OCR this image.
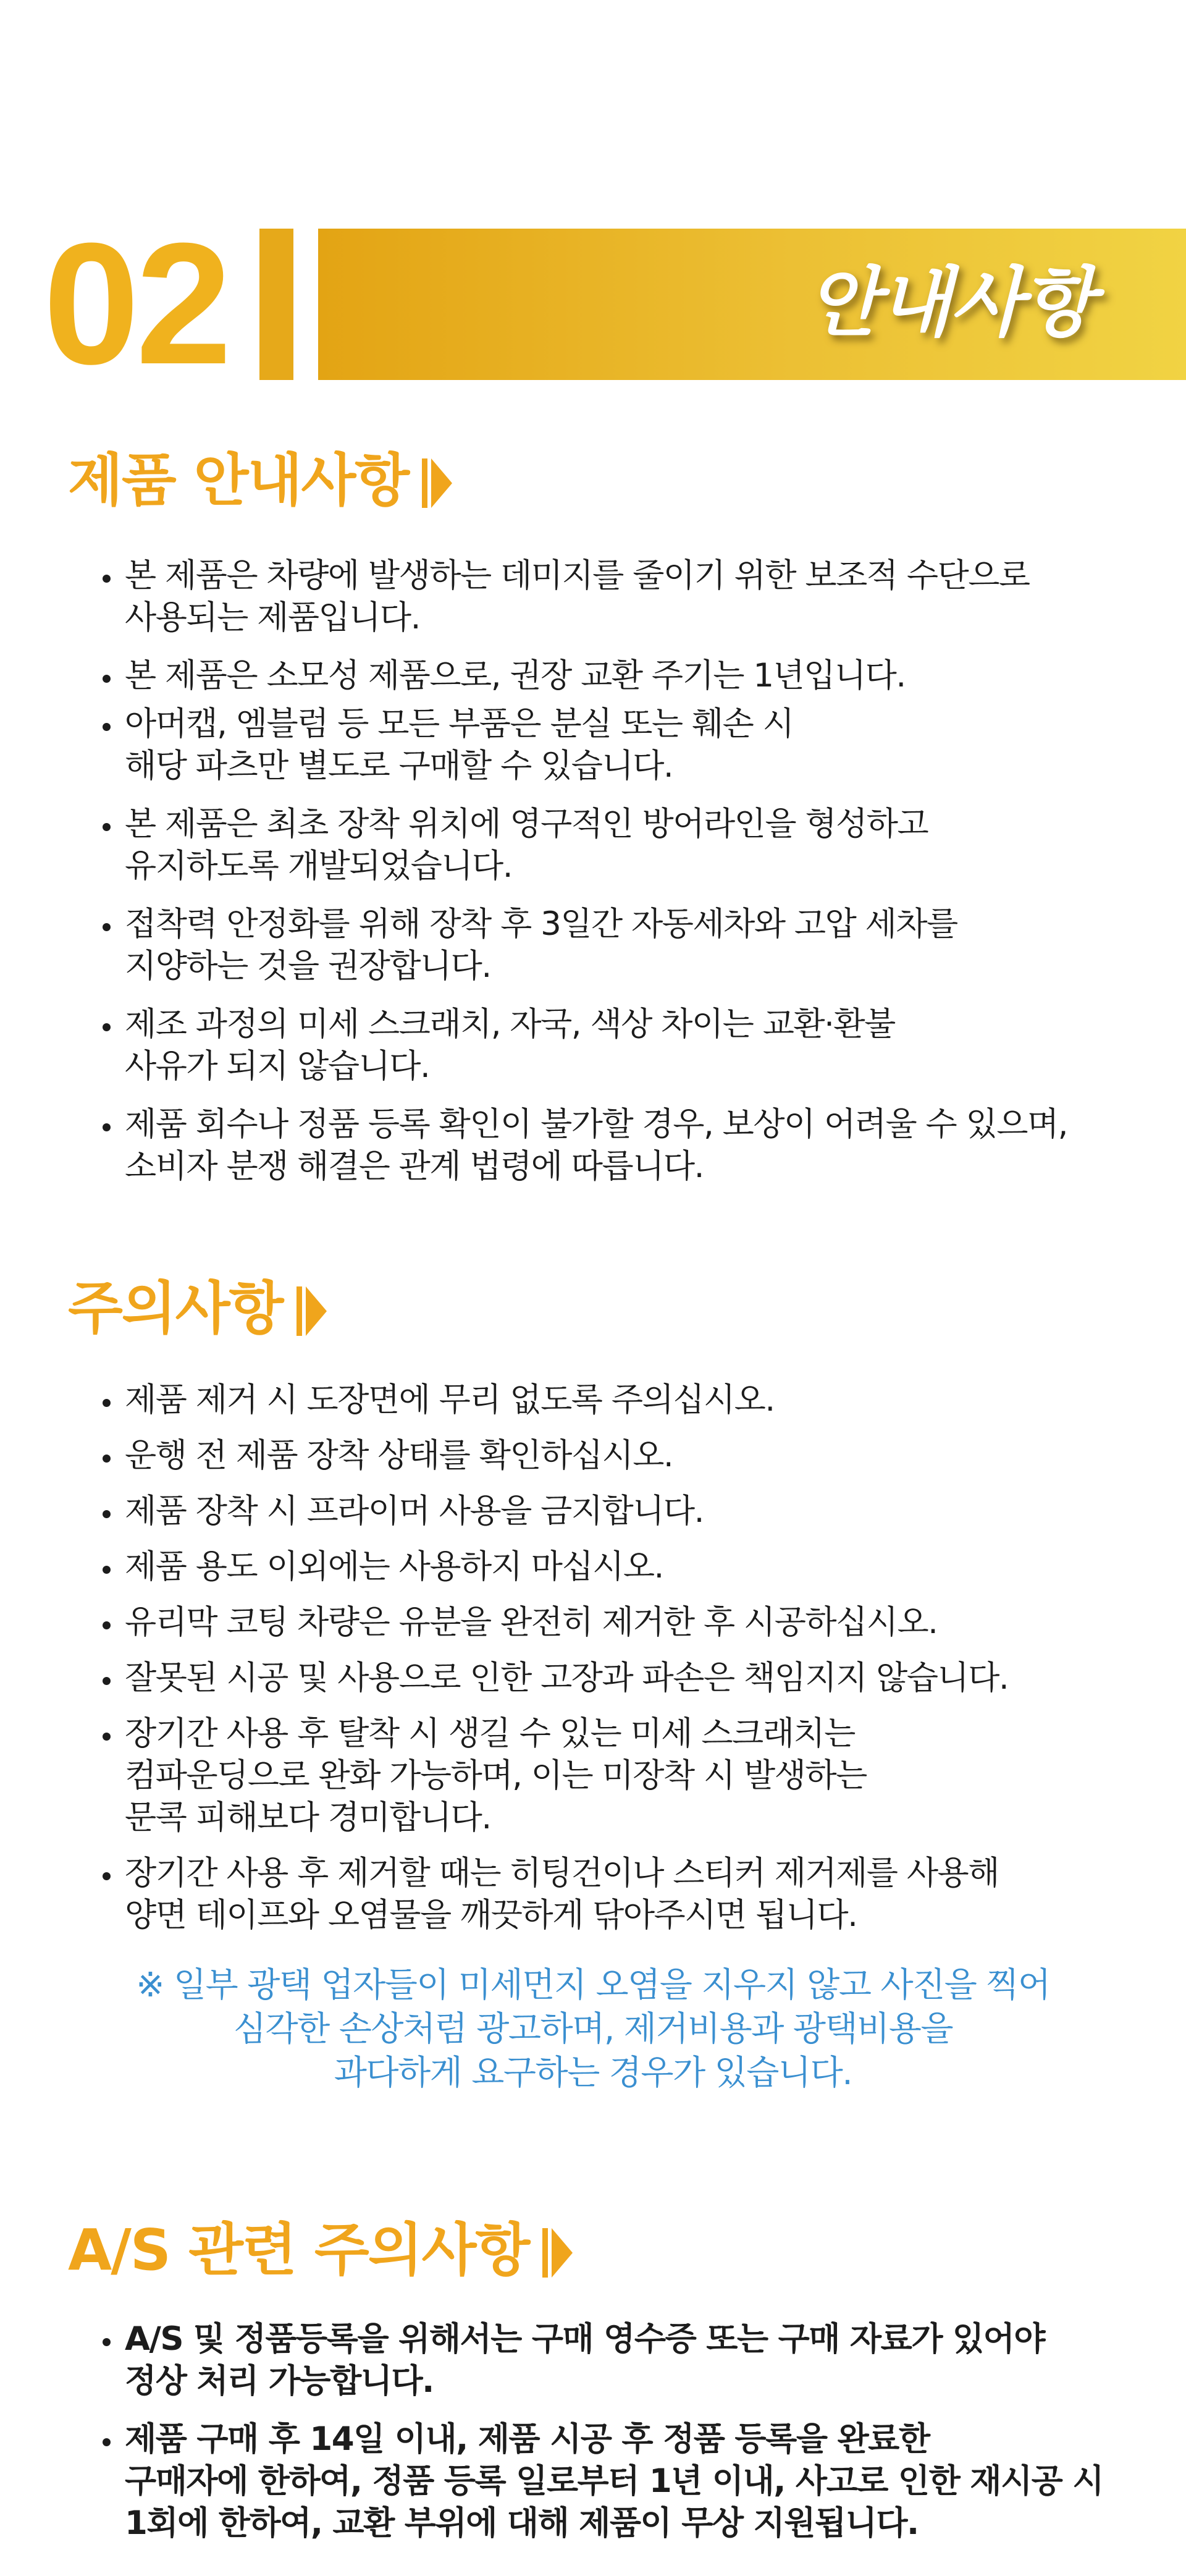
02	안내사항
제품 안내사항
본 제품은 차량에 발생하는 데미지를 줄이기 위한 보조적 수단으로
사용되는 제품입니다.
본 제품은 소모성 제품으로, 권장 교환 주기는 1년입니다.
아머캡, 엠블럼 등 모든 부품은 분실 또는 훼손 시
해당 파츠만 별도로 구매할 수 있습니다.
본 제품은 최초 장착 위치에 영구적인 방어라인을 형성하고
유지하도록 개발되었습니다.
접착력 안정화를 위해 장착 후 3일간 자동세차와 고압 세차를
지양하는 것을 권장합니다.
제조 과정의 미세 스크래치, 자국, 색상 차이는 교환·환불
사유가 되지 않습니다.
제품 회수나 정품 등록 확인이 불가할 경우, 보상이 어려울 수 있으며,
소비자 분쟁 해결은 관계 법령에 따릅니다.
주의사항
제품 제거 시 도장면에 무리 없도록 주의십시오.
운행 전 제품 장착 상태를 확인하십시오.
제품 장착 시 프라이머 사용을 금지합니다.
제품 용도 이외에는 사용하지 마십시오.
유리막 코팅 차량은 유분을 완전히 제거한 후 시공하십시오.
잘못된 시공 및 사용으로 인한 고장과 파손은 책임지지 않습니다.
장기간 사용 후 탈착 시 생길 수 있는 미세 스크래치는
컴파운딩으로 완화 가능하며, 이는 미장착 시 발생하는
문콕 피해보다 경미합니다.
장기간 사용 후 제거할 때는 히팅건이나 스티커 제거제를 사용해
양면 테이프와 오염물을 깨끗하게 닦아주시면 됩니다.
※ 일부 광택 업자들이 미세먼지 오염을 지우지 않고 사진을 찍어
심각한 손상처럼 광고하며, 제거비용과 광택비용을
과다하게 요구하는 경우가 있습니다.
A/S 관련 주의사항
A/S 및 정품등록을 위해서는 구매 영수증 또는 구매 자료가 있어야
정상 처리 가능합니다.
제품 구매 후 14일 이내, 제품 시공 후 정품 등록을 완료한
구매자에 한하여, 정품 등록 일로부터 1년 이내, 사고로 인한 재시공 시
1회에 한하여, 교환 부위에 대해 제품이 무상 지원됩니다.
